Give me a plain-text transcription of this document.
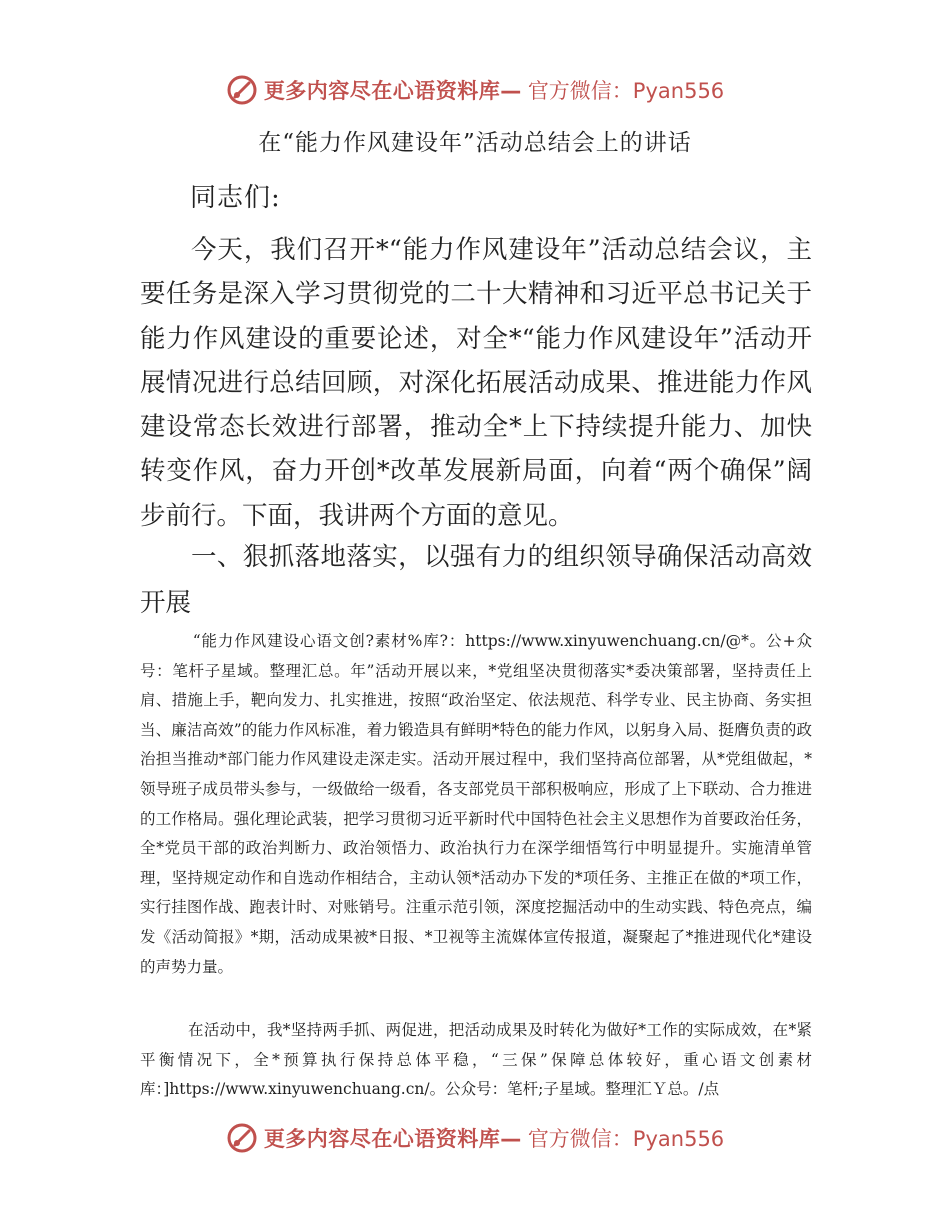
更多内容尽在心语资料库— 官方微信：Pyan556
在“能力作风建设年”活动总结会上的讲话
同志们:

今天，我们召开*“能力作风建设年”活动总结会议，主要任务是深入学习贯彻党的二十大精神和习近平总书记关于能力作风建设的重要论述，对全*“能力作风建设年”活动开展情况进行总结回顾，对深化拓展活动成果、推进能力作风建设常态长效进行部署，推动全*上下持续提升能力、加快转变作风，奋力开创*改革发展新局面，向着“两个确保”阔步前行。下面，我讲两个方面的意见。

一、狠抓落地落实，以强有力的组织领导确保活动高效开展

“能力作风建设心语文创?素材%库?：https://www.xinyuwenchuang.cn/@*。公+众号：笔杆子星域。整理汇总。年”活动开展以来，*党组坚决贯彻落实*委决策部署，坚持责任上肩、措施上手，靶向发力、扎实推进，按照“政治坚定、依法规范、科学专业、民主协商、务实担当、廉洁高效”的能力作风标准，着力锻造具有鲜明*特色的能力作风，以躬身入局、挺膺负责的政治担当推动*部门能力作风建设走深走实。活动开展过程中，我们坚持高位部署，从*党组做起，*领导班子成员带头参与，一级做给一级看，各支部党员干部积极响应，形成了上下联动、合力推进的工作格局。强化理论武装，把学习贯彻习近平新时代中国特色社会主义思想作为首要政治任务，全*党员干部的政治判断力、政治领悟力、政治执行力在深学细悟笃行中明显提升。实施清单管理，坚持规定动作和自选动作相结合，主动认领*活动办下发的*项任务、主推正在做的*项工作，实行挂图作战、跑表计时、对账销号。注重示范引领，深度挖掘活动中的生动实践、特色亮点，编发《活动简报》*期，活动成果被*日报、*卫视等主流媒体宣传报道，凝聚起了*推进现代化*建设的声势力量。

在活动中，我*坚持两手抓、两促进，把活动成果及时转化为做好*工作的实际成效，在*紧平衡情况下，全*预算执行保持总体平稳，“三保”保障总体较好，重心语文创素材库：]https://www.xinyuwenchuang.cn/。公众号：笔杆;子星域。整理汇Ｙ总。/点

更多内容尽在心语资料库— 官方微信：Pyan556
